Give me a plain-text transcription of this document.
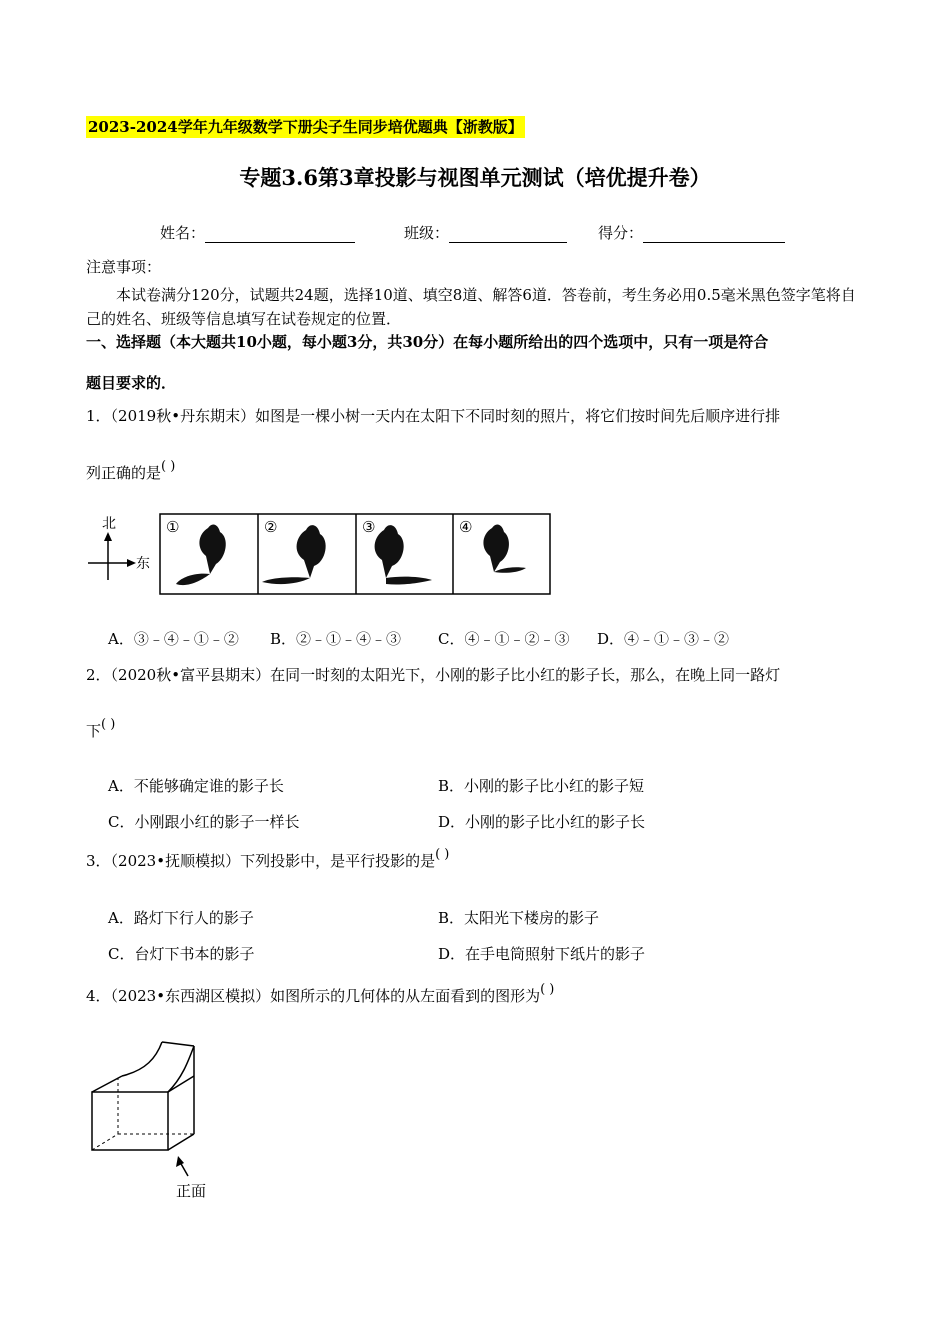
2023-2024学年九年级数学下册尖子生同步培优题典【浙教版】
专题3.6第3章投影与视图单元测试（培优提升卷）
姓名：	班级：	得分：
注意事项：
本试卷满分120分，试题共24题，选择10道、填空8道、解答6道．答卷前，考生务必用0.5毫米黑色签字笔将自己的姓名、班级等信息填写在试卷规定的位置．
一、选择题（本大题共10小题，每小题3分，共30分）在每小题所给出的四个选项中，只有一项是符合
题目要求的．
1．（2019秋•丹东期末）如图是一棵小树一天内在太阳下不同时刻的照片，将它们按时间先后顺序进行排
列正确的是( )
北
东
①	②	③	④
A．③﹣④﹣①﹣② B．②﹣①﹣④﹣③ C．④﹣①﹣②﹣③ D．④﹣①﹣③﹣②
2．（2020秋•富平县期末）在同一时刻的太阳光下，小刚的影子比小红的影子长，那么，在晚上同一路灯
下( )
A．不能够确定谁的影子长	B．小刚的影子比小红的影子短
C．小刚跟小红的影子一样长	D．小刚的影子比小红的影子长
3．（2023•抚顺模拟）下列投影中，是平行投影的是( )
A．路灯下行人的影子	B．太阳光下楼房的影子
C．台灯下书本的影子	D．在手电筒照射下纸片的影子
4．（2023•东西湖区模拟）如图所示的几何体的从左面看到的图形为( )
正面
